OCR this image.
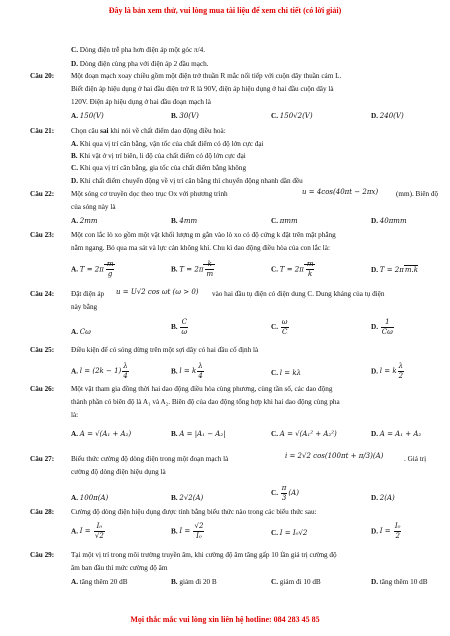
Đây là bản xem thử, vui lòng mua tài liệu để xem chi tiết (có lời giải)
C. Dòng điện trễ pha hơn điện áp một góc π/4.
D. Dòng điện cùng pha với điện áp 2 đầu mạch.
Câu 20: Một đoạn mạch xoay chiều gồm một điện trở thuần R mắc nối tiếp với cuộn dây thuần cảm L.
Biết điện áp hiệu dụng ở hai đầu điện trở R là 90V, điện áp hiệu dụng ở hai đầu cuộn dây là
120V. Điện áp hiệu dụng ở hai đầu đoạn mạch là
A. 150(V)	B. 30(V)	C. 150√2(V)	D. 240(V)
Câu 21: Chọn câu sai khi nói về chất điểm dao động điều hoà:
A. Khi qua vị trí cân bằng, vận tốc của chất điểm có độ lớn cực đại
B. Khi vật ở vị trí biên, li độ của chất điểm có độ lớn cực đại
C. Khi qua vị trí cân bằng, gia tốc của chất điểm bằng không
D. Khi chất điểm chuyển động về vị trí cân bằng thì chuyển động nhanh dần đều
Câu 22: Một sóng cơ truyền dọc theo trục Ox với phương trình	u = 4cos(40πt − 2πx) (mm). Biên độ
của sóng này là
A. 2mm	B. 4mm	C. πmm	D. 40πmm
Câu 23: Một con lắc lò xo gồm một vật khối lượng m gắn vào lò xo có độ cứng k đặt trên mặt phẳng
nằm ngang. Bỏ qua ma sát và lực cản không khí. Chu kì dao động điều hòa của con lắc là:
A. $T = 2\pi \frac{m}{g}$	B. $T = 2\pi \frac{k}{m}$	C. $T = 2\pi \frac{m}{k}$	D. T = 2πm.k
Câu 24: Đặt điện áp u = U√2 cos ωt (ω > 0) vào hai đầu tụ điện có điện dung C. Dung kháng của tụ điện
này bằng
A. Cω
B. $\frac{C}{\omega}$	C. $\frac{\omega}{C}$	D. $\frac{1}{C\omega}$
Câu 25: Điều kiện để có sóng dừng trên một sợi dây có hai đầu cố định là
A. $l = (2k - 1) \frac{\lambda}{4}$	B. l = k $\frac{\lambda}{4}$	C. l = kλ	D. l = k $\frac{\lambda}{2}$
Câu 26: Một vật tham gia đồng thời hai dao động điều hòa cùng phương, cùng tần số, các dao động
thành phần có biên độ là A₁ và A₂. Biên độ của dao động tổng hợp khi hai dao động cùng pha
là:
A. A = √(A₁ + A₂)	B. A = |A₁ − A₂|	C. A = √(A₁² + A₂²)	D. A = A₁ + A₂
Câu 27: Biểu thức cường độ dòng điện trong một đoạn mạch là	i = 2√2 cos(100πt + π/3)(A)	. Giá trị
cường độ dòng điện hiệu dụng là
A. 100π(A)	B. 2√2(A)
C. $\frac{\pi}{3} (A)$
D. 2(A)
Câu 28: Cường độ dòng điện hiệu dụng được tính bằng biểu thức nào trong các biểu thức sau:
A. $I = \frac{\text{I₀}}{√2}$	B. $I = \frac{√2}{\text{I₀}}$	C. I = I₀√2	D. $I = \frac{\text{I₀}}{2}$
Câu 29: Tại một vị trí trong môi trường truyền âm, khi cường độ âm tăng gấp 10 lần giá trị cường độ
âm ban đầu thì mức cường độ âm
A. tăng thêm 20 dB	B. giảm đi 20 B	C. giảm đi 10 dB	D. tăng thêm 10 dB
Mọi thắc mắc vui lòng xin liên hệ hotline: 084 283 45 85
